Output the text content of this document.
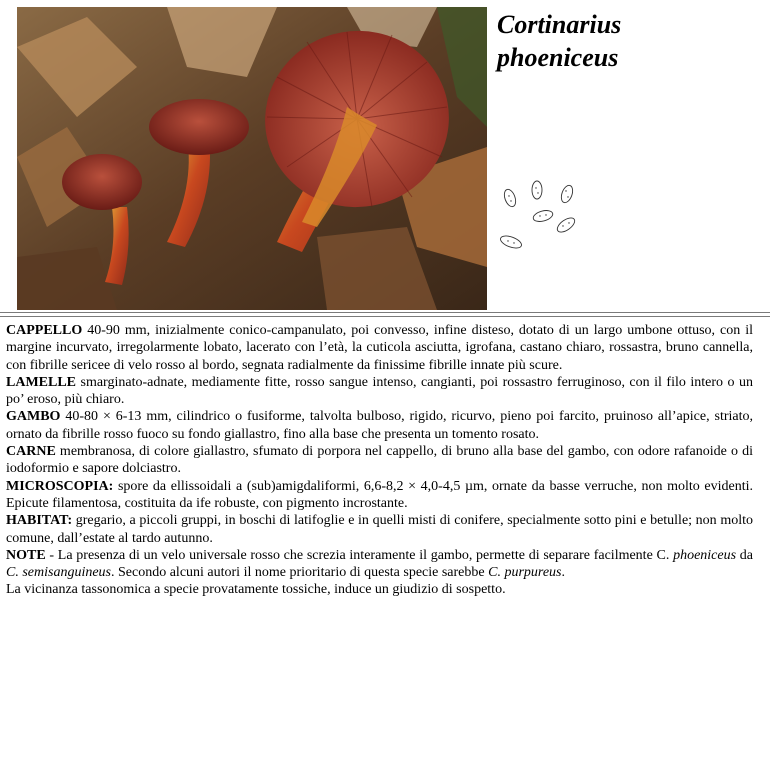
Cortinarius
phoeniceus

CAPPELLO 40-90 mm, inizialmente conico-campanulato, poi convesso, infine disteso, dotato di un largo umbone ottuso, con il margine incurvato, irregolarmente lobato, lacerato con l’età, la cuticola asciutta, igrofana, castano chiaro, rossastra, bruno cannella, con fibrille sericee di velo rosso al bordo, segnata radialmente da finissime fibrille innate più scure.

LAMELLE smarginato-adnate, mediamente fitte, rosso sangue intenso, cangianti, poi rossastro ferruginoso, con il filo intero o un po’ eroso, più chiaro.

GAMBO 40-80 × 6-13 mm, cilindrico o fusiforme, talvolta bulboso, rigido, ricurvo, pieno poi farcito, pruinoso all’apice, striato, ornato da fibrille rosso fuoco su fondo giallastro, fino alla base che presenta un tomento rosato.

CARNE membranosa, di colore giallastro, sfumato di porpora nel cappello, di bruno alla base del gambo, con odore rafanoide o di iodoformio e sapore dolciastro.

MICROSCOPIA: spore da ellissoidali a (sub)amigdaliformi, 6,6-8,2 × 4,0-4,5 µm, ornate da basse verruche, non molto evidenti. Epicute filamentosa, costituita da ife robuste, con pigmento incrostante.

HABITAT: gregario, a piccoli gruppi, in boschi di latifoglie e in quelli misti di conifere, specialmente sotto pini e betulle; non molto comune, dall’estate al tardo autunno.

NOTE - La presenza di un velo universale rosso che screzia interamente il gambo, permette di separare facilmente C. phoeniceus da C. semisanguineus. Secondo alcuni autori il nome prioritario di questa specie sarebbe C. purpureus.

La vicinanza tassonomica a specie provatamente tossiche, induce un giudizio di sospetto.
